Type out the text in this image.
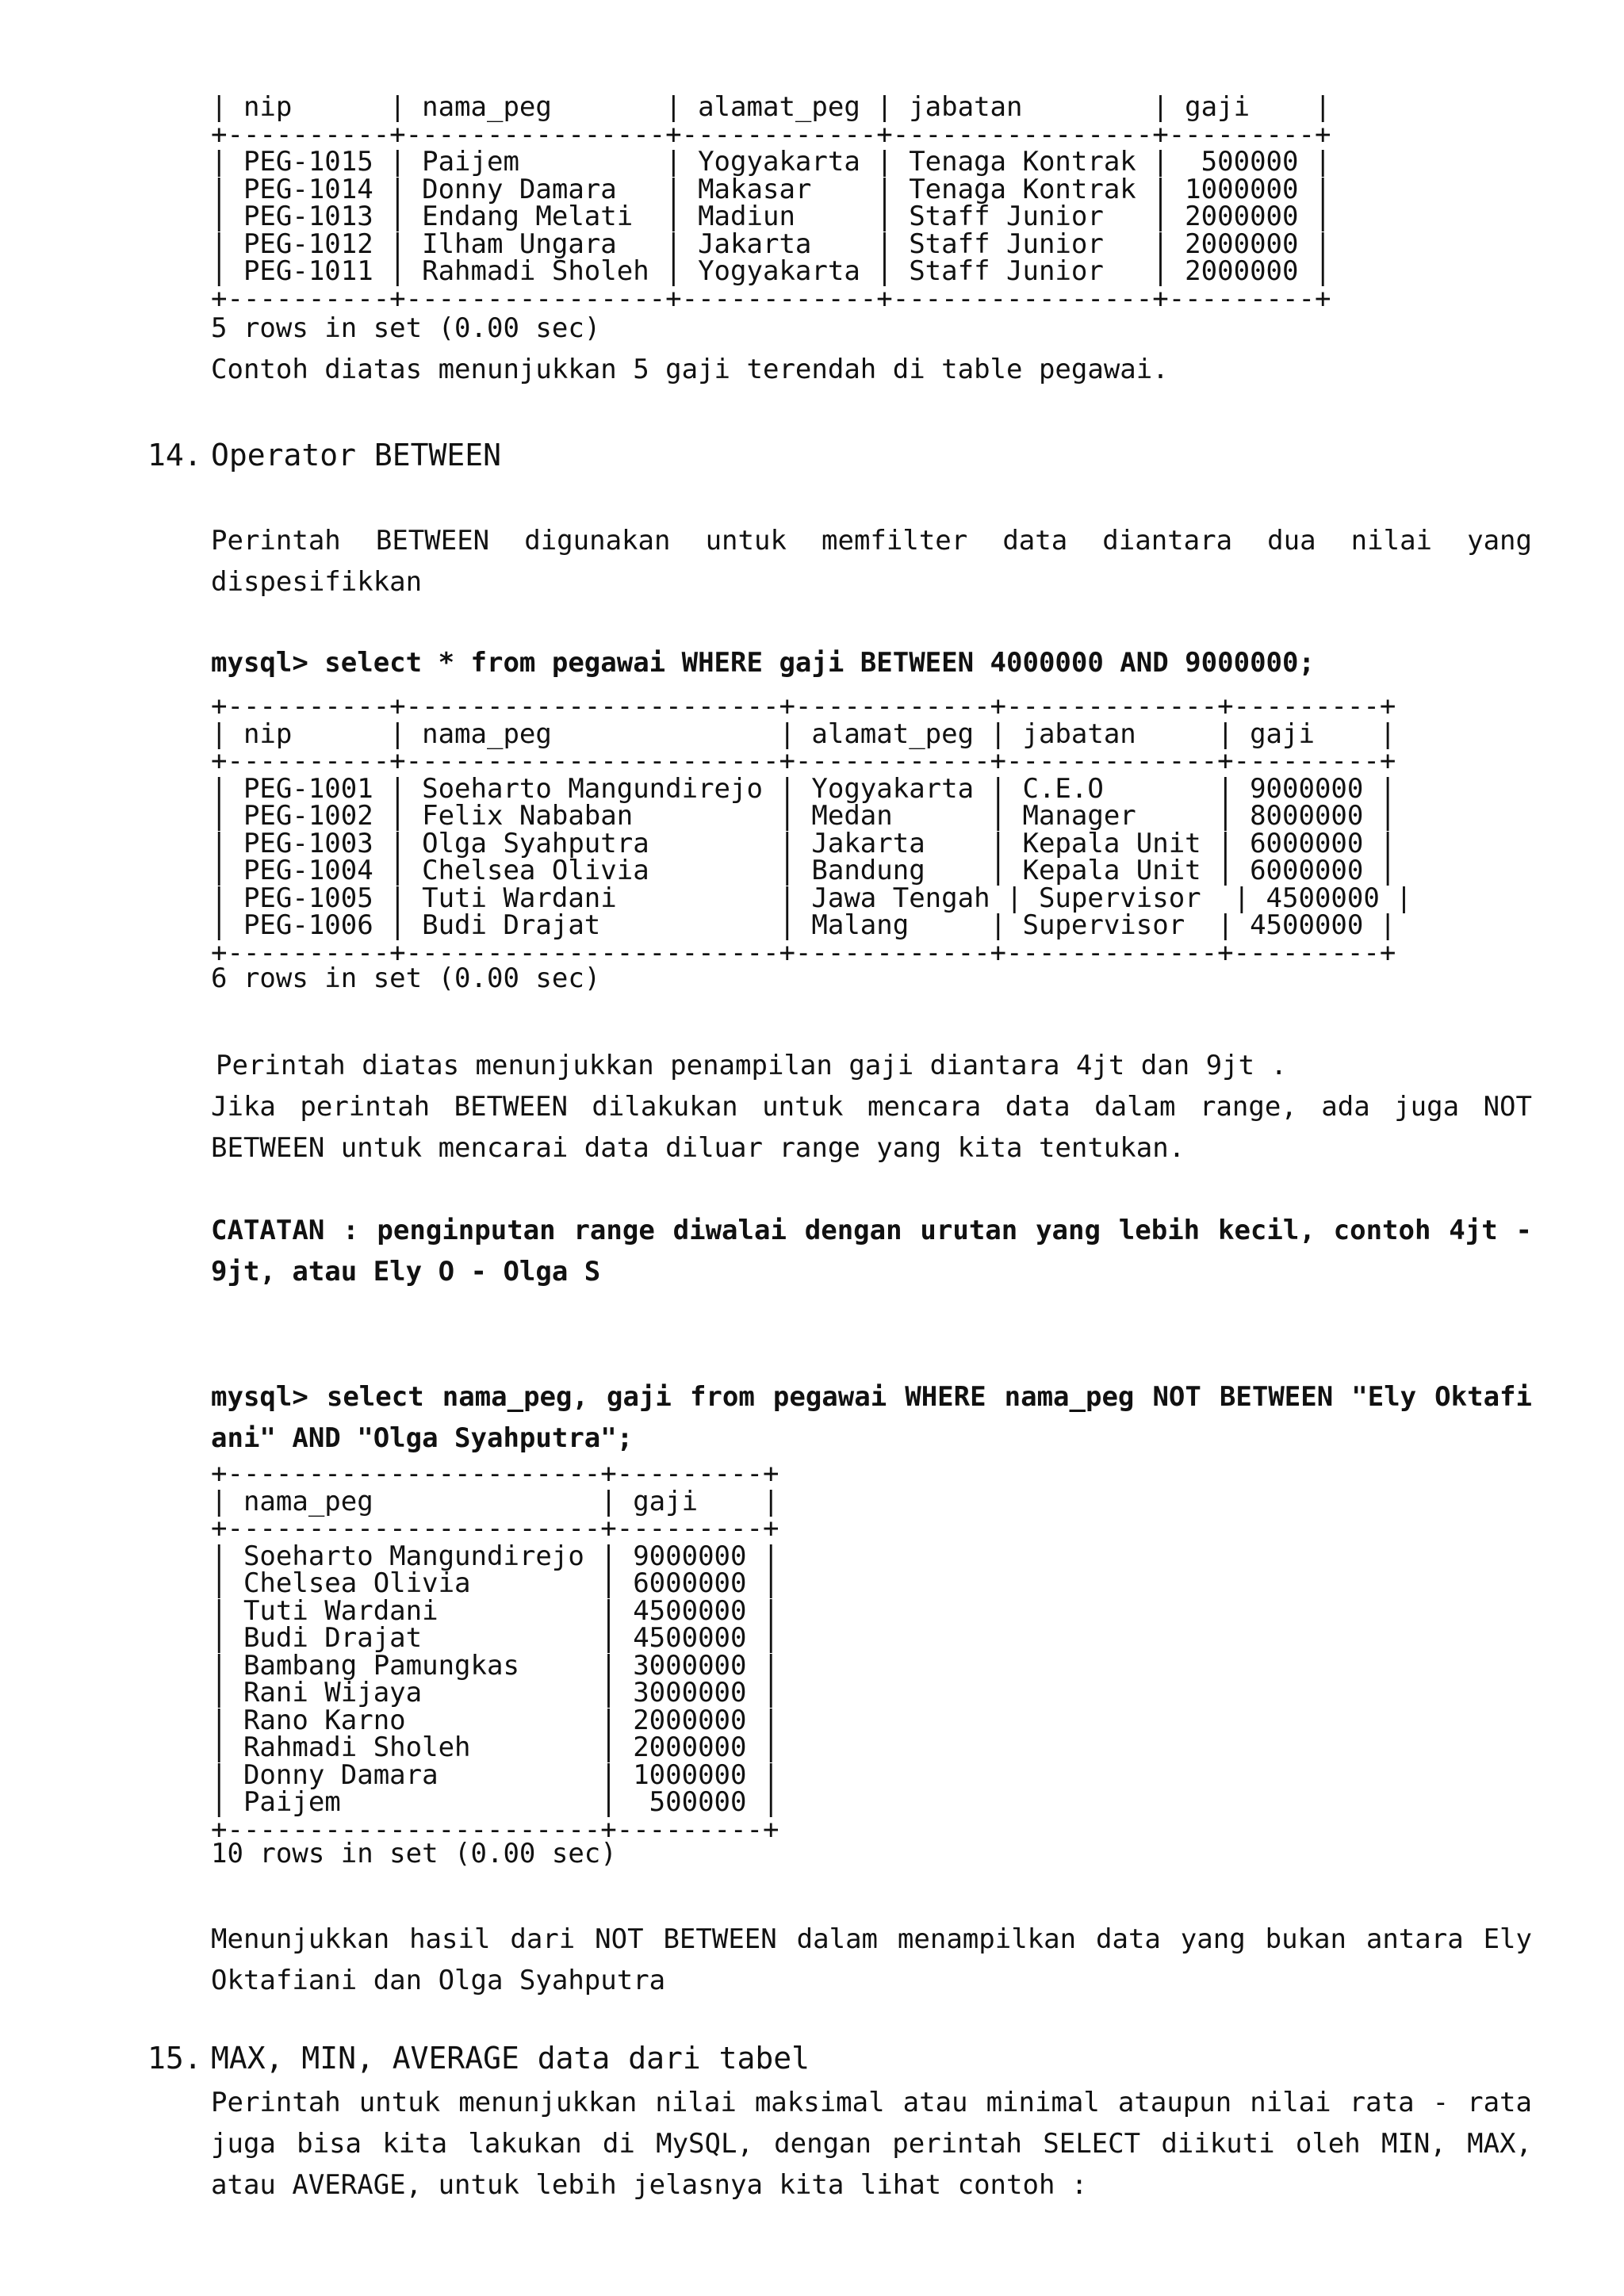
| nip      | nama_peg       | alamat_peg | jabatan        | gaji    |
+----------+----------------+------------+----------------+---------+
| PEG-1015 | Paijem         | Yogyakarta | Tenaga Kontrak |  500000 |
| PEG-1014 | Donny Damara   | Makasar    | Tenaga Kontrak | 1000000 |
| PEG-1013 | Endang Melati  | Madiun     | Staff Junior   | 2000000 |
| PEG-1012 | Ilham Ungara   | Jakarta    | Staff Junior   | 2000000 |
| PEG-1011 | Rahmadi Sholeh | Yogyakarta | Staff Junior   | 2000000 |
+----------+----------------+------------+----------------+---------+
5 rows in set (0.00 sec)
Contoh diatas menunjukkan 5 gaji terendah di table pegawai.
14. Operator BETWEEN
Perintah BETWEEN digunakan untuk memfilter data diantara dua nilai yang
dispesifikkan
mysql> select * from pegawai WHERE gaji BETWEEN 4000000 AND 9000000;
+----------+-----------------------+------------+-------------+---------+
| nip      | nama_peg              | alamat_peg | jabatan     | gaji    |
+----------+-----------------------+------------+-------------+---------+
| PEG-1001 | Soeharto Mangundirejo | Yogyakarta | C.E.O       | 9000000 |
| PEG-1002 | Felix Nababan         | Medan      | Manager     | 8000000 |
| PEG-1003 | Olga Syahputra        | Jakarta    | Kepala Unit | 6000000 |
| PEG-1004 | Chelsea Olivia        | Bandung    | Kepala Unit | 6000000 |
| PEG-1005 | Tuti Wardani          | Jawa Tengah | Supervisor  | 4500000 |
| PEG-1006 | Budi Drajat           | Malang     | Supervisor  | 4500000 |
+----------+-----------------------+------------+-------------+---------+
6 rows in set (0.00 sec)
Perintah diatas menunjukkan penampilan gaji diantara 4jt dan 9jt .
Jika perintah BETWEEN dilakukan untuk mencara data dalam range, ada juga NOT
BETWEEN untuk mencarai data diluar range yang kita tentukan.
CATATAN : penginputan range diwalai dengan urutan yang lebih kecil, contoh 4jt -
9jt, atau Ely O - Olga S
mysql> select nama_peg, gaji from pegawai WHERE nama_peg NOT BETWEEN "Ely Oktafi
ani" AND "Olga Syahputra";
+-----------------------+---------+
| nama_peg              | gaji    |
+-----------------------+---------+
| Soeharto Mangundirejo | 9000000 |
| Chelsea Olivia        | 6000000 |
| Tuti Wardani          | 4500000 |
| Budi Drajat           | 4500000 |
| Bambang Pamungkas     | 3000000 |
| Rani Wijaya           | 3000000 |
| Rano Karno            | 2000000 |
| Rahmadi Sholeh        | 2000000 |
| Donny Damara          | 1000000 |
| Paijem                |  500000 |
+-----------------------+---------+
10 rows in set (0.00 sec)
Menunjukkan hasil dari NOT BETWEEN dalam menampilkan data yang bukan antara Ely
Oktafiani dan Olga Syahputra
15. MAX, MIN, AVERAGE data dari tabel
Perintah untuk menunjukkan nilai maksimal atau minimal ataupun nilai rata - rata
juga bisa kita lakukan di MySQL, dengan perintah SELECT diikuti oleh MIN, MAX,
atau AVERAGE, untuk lebih jelasnya kita lihat contoh :
